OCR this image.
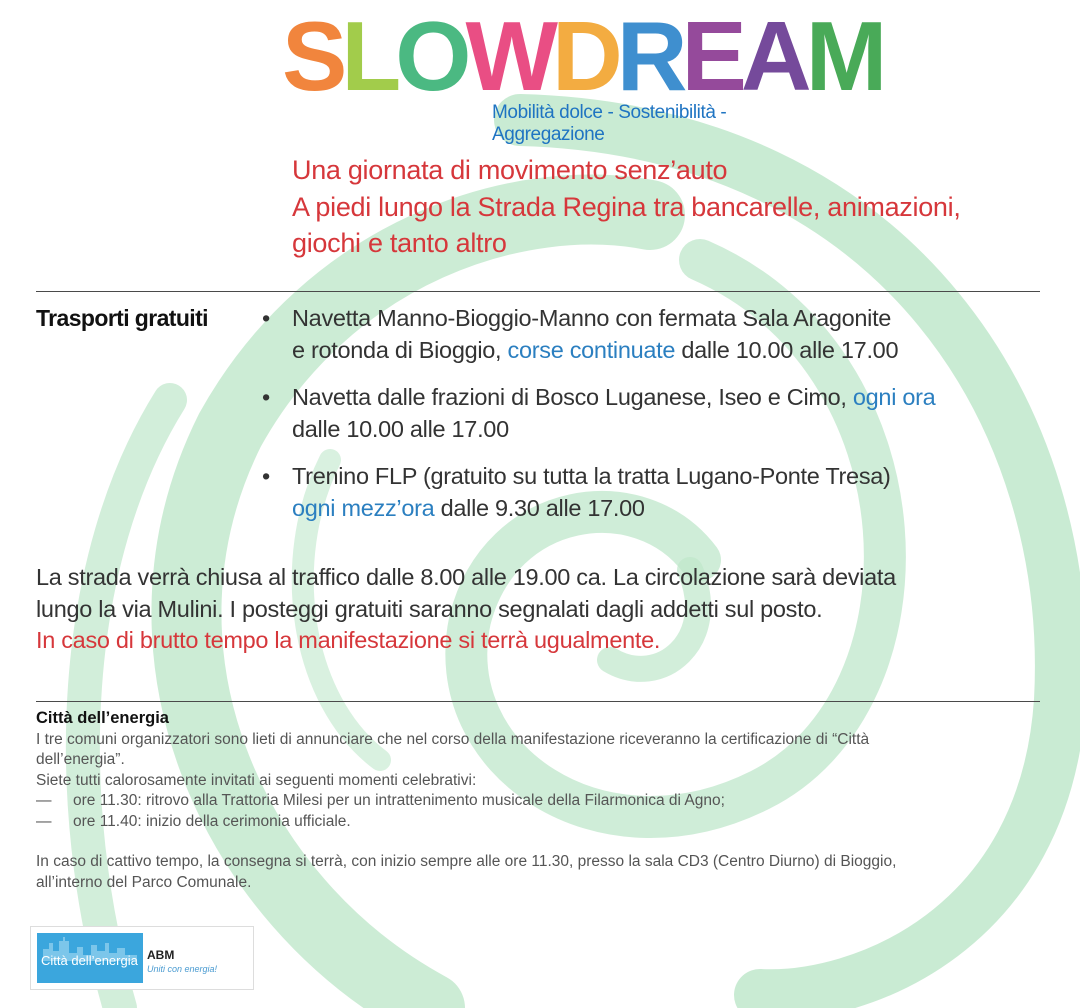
S L O W D R E A M
Mobilità dolce - Sostenibilità - Aggregazione
Una giornata di movimento senz’auto
A piedi lungo la Strada Regina tra bancarelle, animazioni,
giochi e tanto altro
Trasporti gratuiti • Navetta Manno-Bioggio-Manno con fermata Sala Aragonite
e rotonda di Bioggio, corse continuate dalle 10.00 alle 17.00
• Navetta dalle frazioni di Bosco Luganese, Iseo e Cimo, ogni ora
dalle 10.00 alle 17.00
• Trenino FLP (gratuito su tutta la tratta Lugano-Ponte Tresa)
ogni mezz’ora dalle 9.30 alle 17.00
La strada verrà chiusa al traffico dalle 8.00 alle 19.00 ca. La circolazione sarà deviata
lungo la via Mulini. I posteggi gratuiti saranno segnalati dagli addetti sul posto.
In caso di brutto tempo la manifestazione si terrà ugualmente.
Città dell’energia
I tre comuni organizzatori sono lieti di annunciare che nel corso della manifestazione riceveranno la certificazione di “Città
dell’energia”.
Siete tutti calorosamente invitati ai seguenti momenti celebrativi:
—	ore 11.30: ritrovo alla Trattoria Milesi per un intrattenimento musicale della Filarmonica di Agno;
—	ore 11.40: inizio della cerimonia ufficiale.
In caso di cattivo tempo, la consegna si terrà, con inizio sempre alle ore 11.30, presso la sala CD3 (Centro Diurno) di Bioggio,
all’interno del Parco Comunale.
Città dell’energia ABM
Uniti con energia!
